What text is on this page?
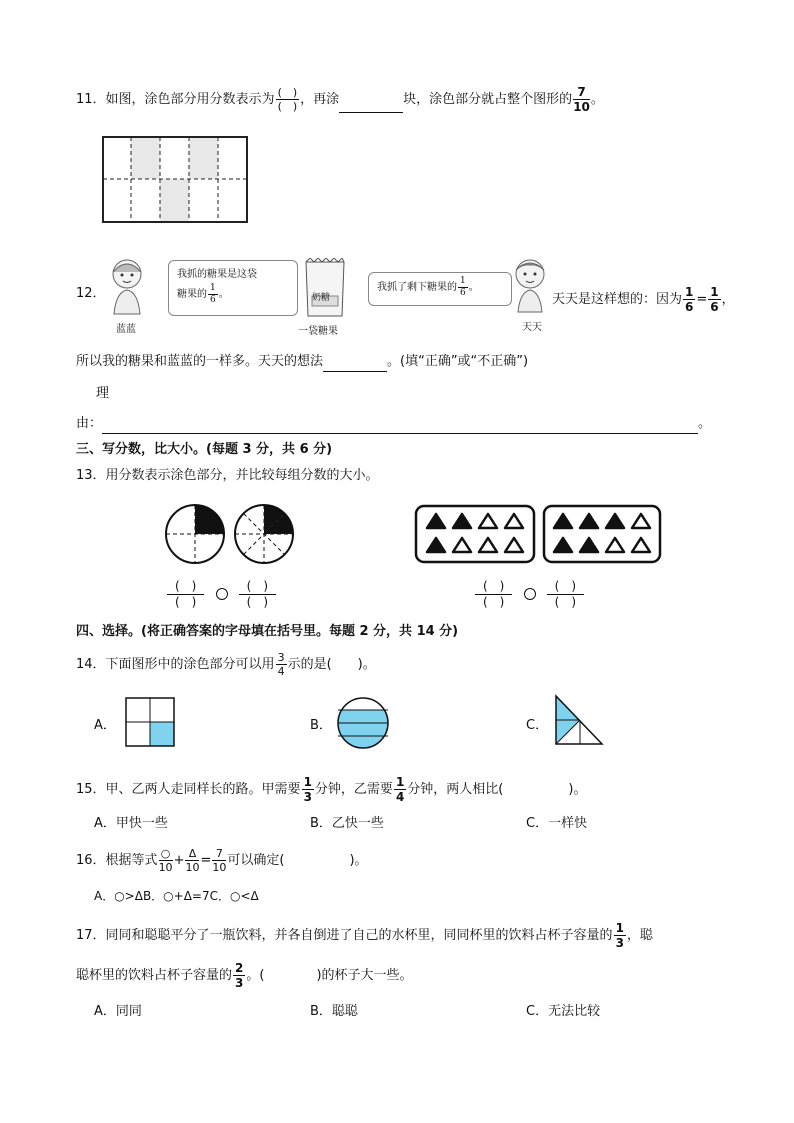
11．如图，涂色部分用分数表示为 $\frac{( )}{( )}$ ，再涂	块，涂色部分就占整个图形的 $\frac{7}{10}$ 。
12．
蓝蓝
我抓的糖果是这袋
糖果的 $\frac{1}{6}$ 。	奶糖
一袋糖果
我抓了剩下糖果的 $\frac{1}{6}$ 。
天天
天天是这样想的：因为 $\frac{1}{6} = \frac{1}{6}$ ，
所以我的糖果和蓝蓝的一样多。天天的想法	。(填“正确”或“不正确”)
理
由：	。
三、写分数，比大小。(每题 3 分，共 6 分)
13．用分数表示涂色部分，并比较每组分数的大小。
$\frac{( )}{( )}$
	$\frac{( )}{( )}$	$\frac{( )}{( )}$
	$\frac{( )}{( )}$
四、选择。(将正确答案的字母填在括号里。每题 2 分，共 14 分)
14．下面图形中的涂色部分可以用 $\frac{3}{4}$ 示的是(　　)。
A．	B．	C．
15．甲、乙两人走同样长的路。甲需要 $\frac{1}{3}$ 分钟，乙需要 $\frac{1}{4}$ 分钟，两人相比(　　　　　)。
A．甲快一些	B．乙快一些	C．一样快
16．根据等式 $\frac{○}{10} + \frac{\Delta}{10} = \frac{7}{10}$ 可以确定(　　　　　)。
A．○>ΔB．○+Δ=7C．○<Δ
17．同同和聪聪平分了一瓶饮料，并各自倒进了自己的水杯里，同同杯里的饮料占杯子容量的 $\frac{1}{3}$ ，聪
聪杯里的饮料占杯子容量的 $\frac{2}{3}$ 。(　　　　)的杯子大一些。
A．同同	B．聪聪	C．无法比较
